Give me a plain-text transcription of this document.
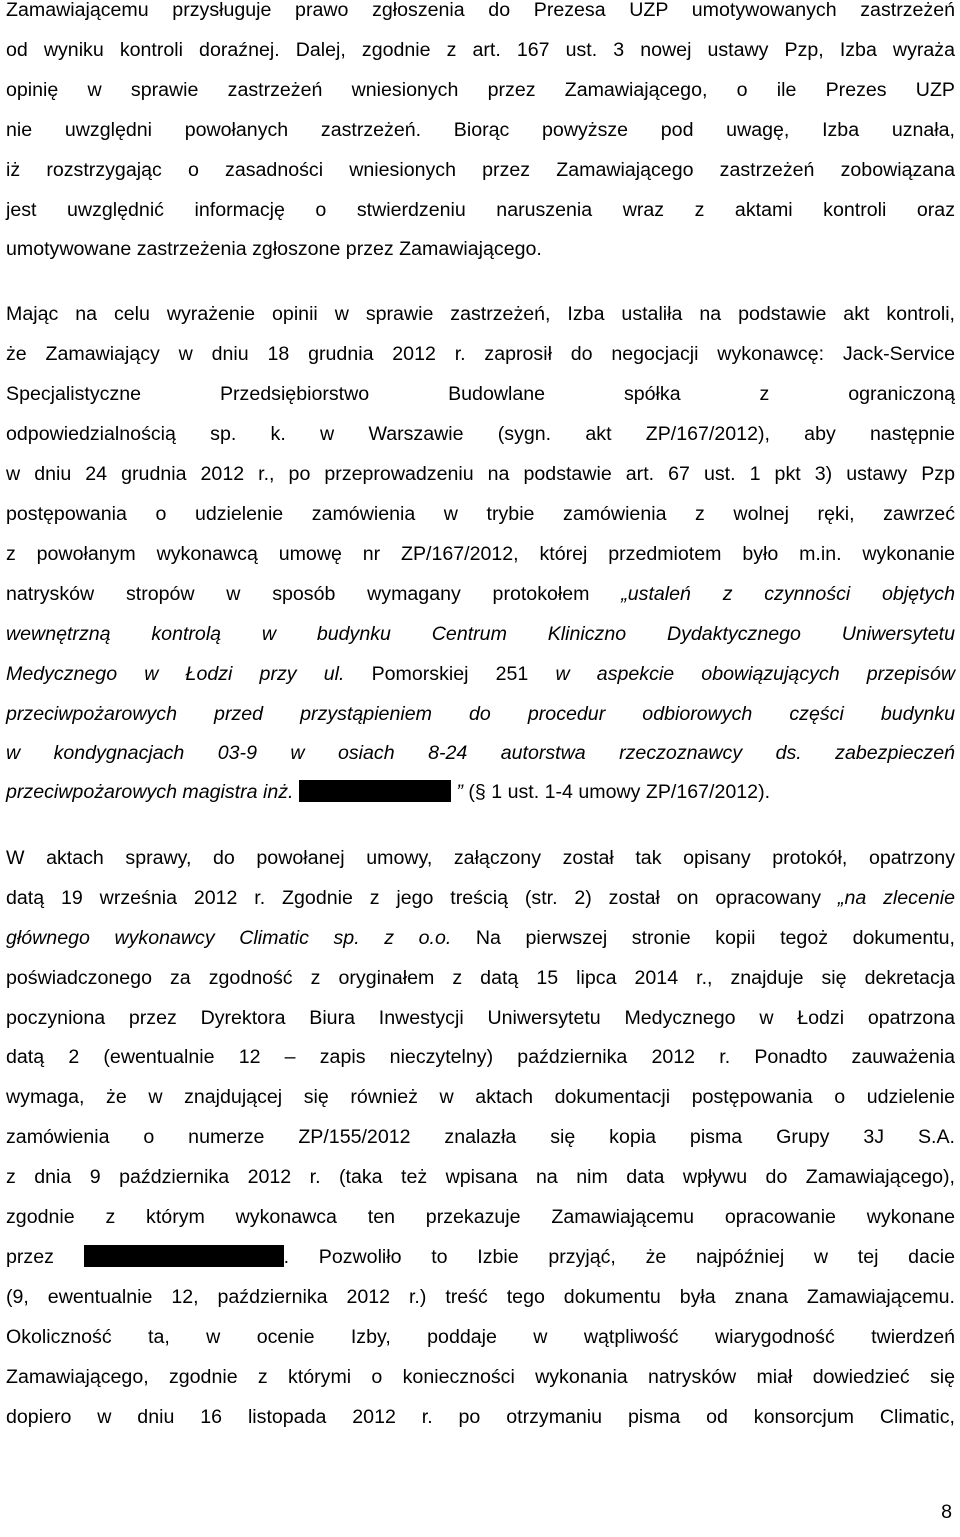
Zamawiającemu przysługuje prawo zgłoszenia do Prezesa UZP umotywowanych zastrzeżeń
od wyniku kontroli doraźnej. Dalej, zgodnie z art. 167 ust. 3 nowej ustawy Pzp, Izba wyraża
opinię w sprawie zastrzeżeń wniesionych przez Zamawiającego, o ile Prezes UZP
nie uwzględni powołanych zastrzeżeń. Biorąc powyższe pod uwagę, Izba uznała,
iż rozstrzygając o zasadności wniesionych przez Zamawiającego zastrzeżeń zobowiązana
jest uwzględnić informację o stwierdzeniu naruszenia wraz z aktami kontroli oraz
umotywowane zastrzeżenia zgłoszone przez Zamawiającego.
Mając na celu wyrażenie opinii w sprawie zastrzeżeń, Izba ustaliła na podstawie akt kontroli,
że Zamawiający w dniu 18 grudnia 2012 r. zaprosił do negocjacji wykonawcę: Jack-Service
Specjalistyczne Przedsiębiorstwo Budowlane spółka z ograniczoną
odpowiedzialnością sp. k. w Warszawie (sygn. akt ZP/167/2012), aby następnie
w dniu 24 grudnia 2012 r., po przeprowadzeniu na podstawie art. 67 ust. 1 pkt 3) ustawy Pzp
postępowania o udzielenie zamówienia w trybie zamówienia z wolnej ręki, zawrzeć
z powołanym wykonawcą umowę nr ZP/167/2012, której przedmiotem było m.in. wykonanie
natrysków stropów w sposób wymagany protokołem „ustaleń z czynności objętych
wewnętrzną kontrolą w budynku Centrum Kliniczno Dydaktycznego Uniwersytetu
Medycznego w Łodzi przy ul. Pomorskiej 251 w aspekcie obowiązujących przepisów
przeciwpożarowych przed przystąpieniem do procedur odbiorowych części budynku
w kondygnacjach 03-9 w osiach 8-24 autorstwa rzeczoznawcy ds. zabezpieczeń
przeciwpożarowych magistra inż.	” (§ 1 ust. 1-4 umowy ZP/167/2012).
W aktach sprawy, do powołanej umowy, załączony został tak opisany protokół, opatrzony
datą 19 września 2012 r. Zgodnie z jego treścią (str. 2) został on opracowany „na zlecenie
głównego wykonawcy Climatic sp. z o.o. Na pierwszej stronie kopii tegoż dokumentu,
poświadczonego za zgodność z oryginałem z datą 15 lipca 2014 r., znajduje się dekretacja
poczyniona przez Dyrektora Biura Inwestycji Uniwersytetu Medycznego w Łodzi opatrzona
datą 2 (ewentualnie 12 – zapis nieczytelny) października 2012 r. Ponadto zauważenia
wymaga, że w znajdującej się również w aktach dokumentacji postępowania o udzielenie
zamówienia o numerze ZP/155/2012 znalazła się kopia pisma Grupy 3J S.A.
z dnia 9 października 2012 r. (taka też wpisana na nim data wpływu do Zamawiającego),
zgodnie z którym wykonawca ten przekazuje Zamawiającemu opracowanie wykonane
przez	. Pozwoliło to Izbie przyjąć, że najpóźniej w tej dacie
(9, ewentualnie 12, października 2012 r.) treść tego dokumentu była znana Zamawiającemu.
Okoliczność ta, w ocenie Izby, poddaje w wątpliwość wiarygodność twierdzeń
Zamawiającego, zgodnie z którymi o konieczności wykonania natrysków miał dowiedzieć się
dopiero w dniu 16 listopada 2012 r. po otrzymaniu pisma od konsorcjum Climatic,
8
